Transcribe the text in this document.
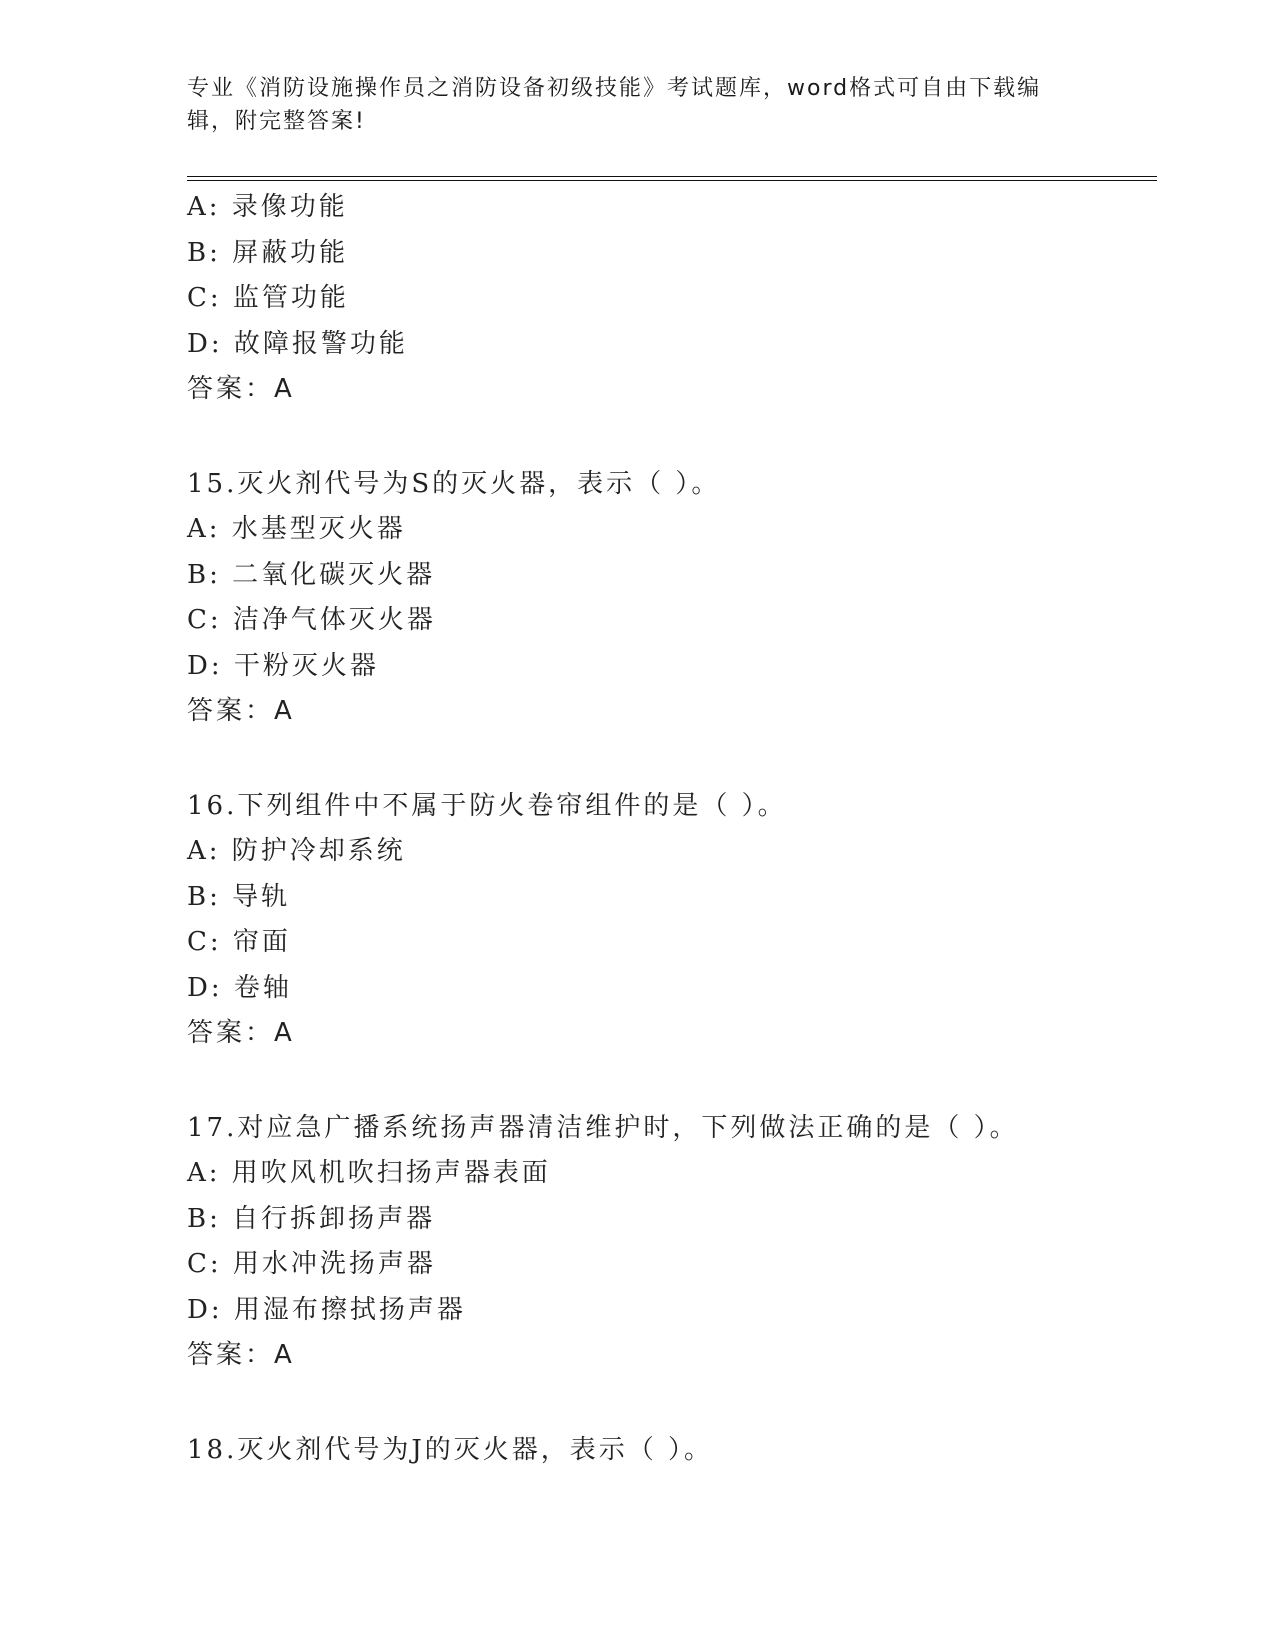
专业《消防设施操作员之消防设备初级技能》考试题库，word格式可自由下载编
辑，附完整答案!
A: 录像功能
B: 屏蔽功能
C: 监管功能
D: 故障报警功能
答案：A
15.灭火剂代号为S的灭火器，表示（ ）。
A: 水基型灭火器
B: 二氧化碳灭火器
C: 洁净气体灭火器
D: 干粉灭火器
答案：A
16.下列组件中不属于防火卷帘组件的是（ ）。
A: 防护冷却系统
B: 导轨
C: 帘面
D: 卷轴
答案：A
17.对应急广播系统扬声器清洁维护时，下列做法正确的是（ ）。
A: 用吹风机吹扫扬声器表面
B: 自行拆卸扬声器
C: 用水冲洗扬声器
D: 用湿布擦拭扬声器
答案：A
18.灭火剂代号为J的灭火器，表示（ ）。
